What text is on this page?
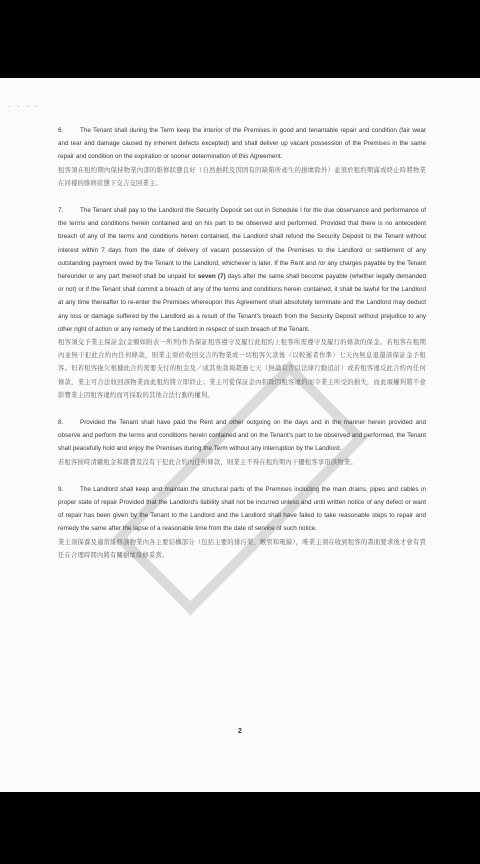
· · · ·

6.	The Tenant shall during the Term keep the interior of the Premises in good and tenantable repair and condition (fair wear and tear and damage caused by inherent defects excepted) and shall deliver up vacant possession of the Premises in the same repair and condition on the expiration or sooner determination of this Agreement.

租客須在租約期內保持物業內部的維修狀態良好（自然損耗及因固有的缺陷所產生的損壞除外）並須於租約期滿或終止時將物業在同樣的維修狀態下交吉交回業主。

7.	The Tenant shall pay to the Landlord the Security Deposit set out in Schedule I for the due observance and performance of the terms and conditions herein contained and on his part to be observed and performed. Provided that there is no antecedent breach of any of the terms and conditions herein contained, the Landlord shall refund the Security Deposit to the Tenant without interest within 7 days from the date of delivery of vacant possession of the Premises to the Landlord or settlement of any outstanding payment owed by the Tenant to the Landlord, whichever is later. If the Rent and /or any charges payable by the Tenant hereunder or any part thereof shall be unpaid for seven (7) days after the same shall become payable (whether legally demanded or not) or if the Tenant shall commit a breach of any of the terms and conditions herein contained, it shall be lawful for the Landlord at any time thereafter to re-enter the Premises whereupon this Agreement shall absolutely terminate and the Landlord may deduct any loss or damage suffered by the Landlord as a result of the Tenant's breach from the Security Deposit without prejudice to any other right of action or any remedy of the Landlord in respect of such breach of the Tenant.

租客須交予業主保証金(金額如附表一所列)作為保証租客遵守及履行此租約上租客所需遵守及履行的條款的保金。若租客在租期內並無干犯此合約內任何條款，則業主須於收回交吉的物業或一切租客欠款後（以較遲者作準）七天內無息退還該保証金予租客。但若租客拖欠根據此合約需要支付的租金及／或其他款項超過七天（無論有否以法律行動追討）或若租客違反此合約內任何條款，業主可合法收回該物業而此租約將立即終止；業主可從保証金內扣除因租客違約而令業主所受的損失，而此項權利將不會影響業主因租客違約而可採取的其他合法行動的權利。

8.	Provided the Tenant shall have paid the Rent and other outgoing on the days and in the manner herein provided and observe and perform the terms and conditions herein contained and on the Tenant's part to be observed and performed, the Tenant shall peacefully hold and enjoy the Premises during the Term without any interruption by the Landlord.

若租客按時清繳租金和雜費及沒有干犯此合約內任何條款，則業主不得在租約期內干擾租客享用該物業。

9.	The Landlord shall keep and maintain the structural parts of the Premises including the main drains, pipes and cables in proper state of repair Provided that the Landlord's liability shall not be incurred unless and until written notice of any defect or want of repair has been given by the Tenant to the Landlord and the Landlord shall have failed to take reasonable steps to repair and remedy the same after the lapse of a reasonable time from the date of service of such notice.

業主須保養及適當維修該物業內各主要結構部分（包括主要的排污渠、喉管和電線），唯業主須在收到租客的書面要求後才會有責任在合理時間內將有關損壞維修妥當。

2
